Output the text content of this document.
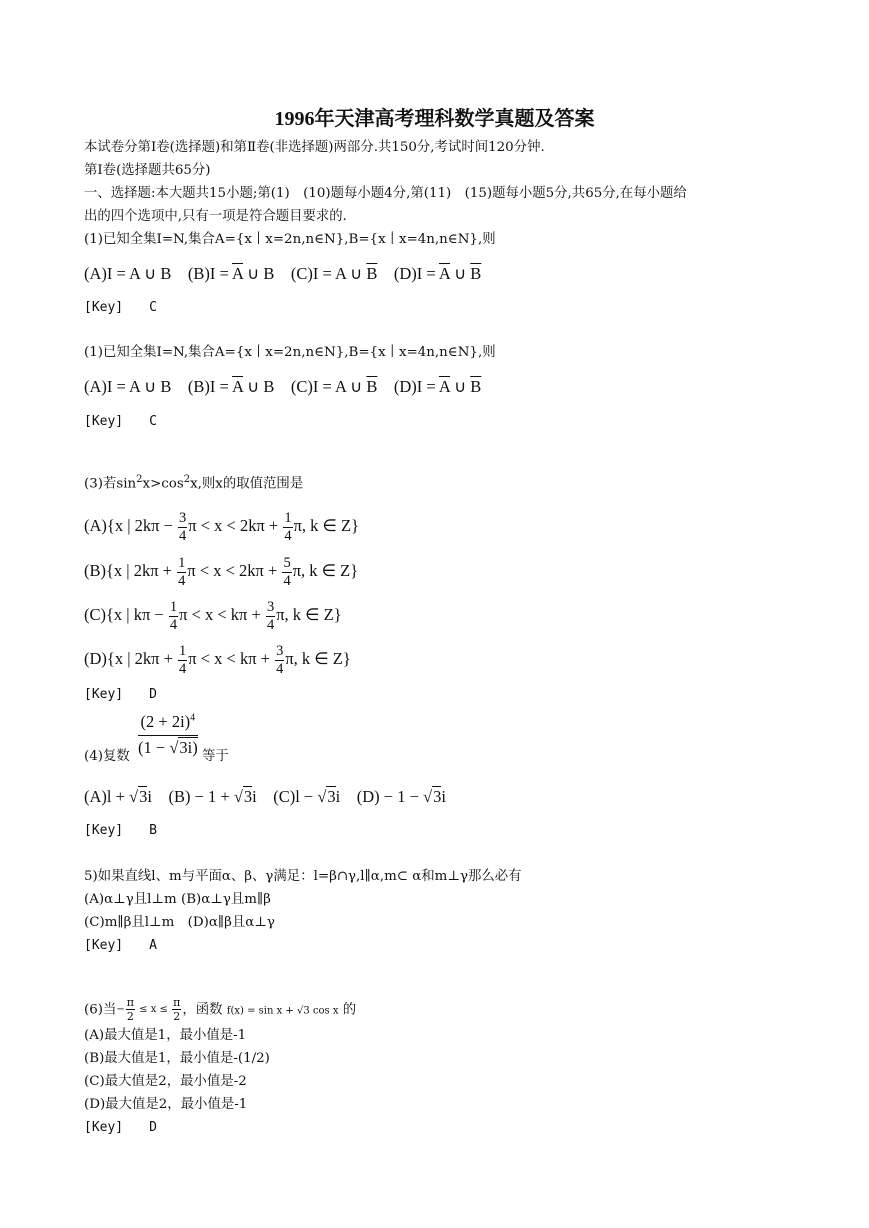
1996年天津高考理科数学真题及答案
本试卷分第Ⅰ卷(选择题)和第Ⅱ卷(非选择题)两部分.共150分,考试时间120分钟.
第Ⅰ卷(选择题共65分)
一、选择题:本大题共15小题;第(1)　(10)题每小题4分,第(11)　(15)题每小题5分,共65分,在每小题给
出的四个选项中,只有一项是符合题目要求的.
(1)已知全集I=N,集合A={x丨x=2n,n∈N},B={x丨x=4n,n∈N},则
(A)I = A ∪ B $(B)I = \overline{A}$ ∪ B (C)I = A ∪ $\overline{B}$ $(D)I = \overline{A}$ ∪ $\overline{B}$
[Key]　　C
(1)已知全集I=N,集合A={x丨x=2n,n∈N},B={x丨x=4n,n∈N},则
(A)I = A ∪ B $(B)I = \overline{A}$ ∪ B (C)I = A ∪ $\overline{B}$ $(D)I = \overline{A}$ ∪ $\overline{B}$
[Key]　　C
(3)若$\sin^2x>\cos^2x$,则x的取值范围是
(A){x | $2k\pi - \frac{3}{4}$ $\pi < x < 2k\pi + \frac{1}{4} \pi$, k ∈ Z}
(B){x | $2k\pi + \frac{1}{4}$ $\pi < x < 2k\pi + \frac{5}{4} \pi$, k ∈ Z}
(C){x | $k\pi - \frac{1}{4}$ $\pi < x < k\pi + \frac{3}{4} \pi$, k ∈ Z}
(D){x | $2k\pi + \frac{1}{4}$ $\pi < x < k\pi + \frac{3}{4} \pi$, k ∈ Z}
[Key]　　D
$\frac{(2 + 2i)^4}{(1 - √3i)}$
(4)复数	等于
(A)l + √3i (B) − 1 + √3i (C)l − √3i (D) − 1 − √3i
[Key]　　B
5)如果直线l、m与平面α、β、γ满足：l=β∩γ,l∥α,m⊂ α和m⊥γ那么必有
(A)α⊥γ且l⊥m (B)α⊥γ且m∥β
(C)m∥β且l⊥m　(D)α∥β且α⊥γ
[Key]　　A
(6)当− $\frac{\pi}{2} \le x \le \frac{\pi}{2}$ ，函数 f(x) = sin x + √3 cos x 的
(A)最大值是1，最小值是-1
(B)最大值是1，最小值是-(1/2)
(C)最大值是2，最小值是-2
(D)最大值是2，最小值是-1
[Key]　　D
